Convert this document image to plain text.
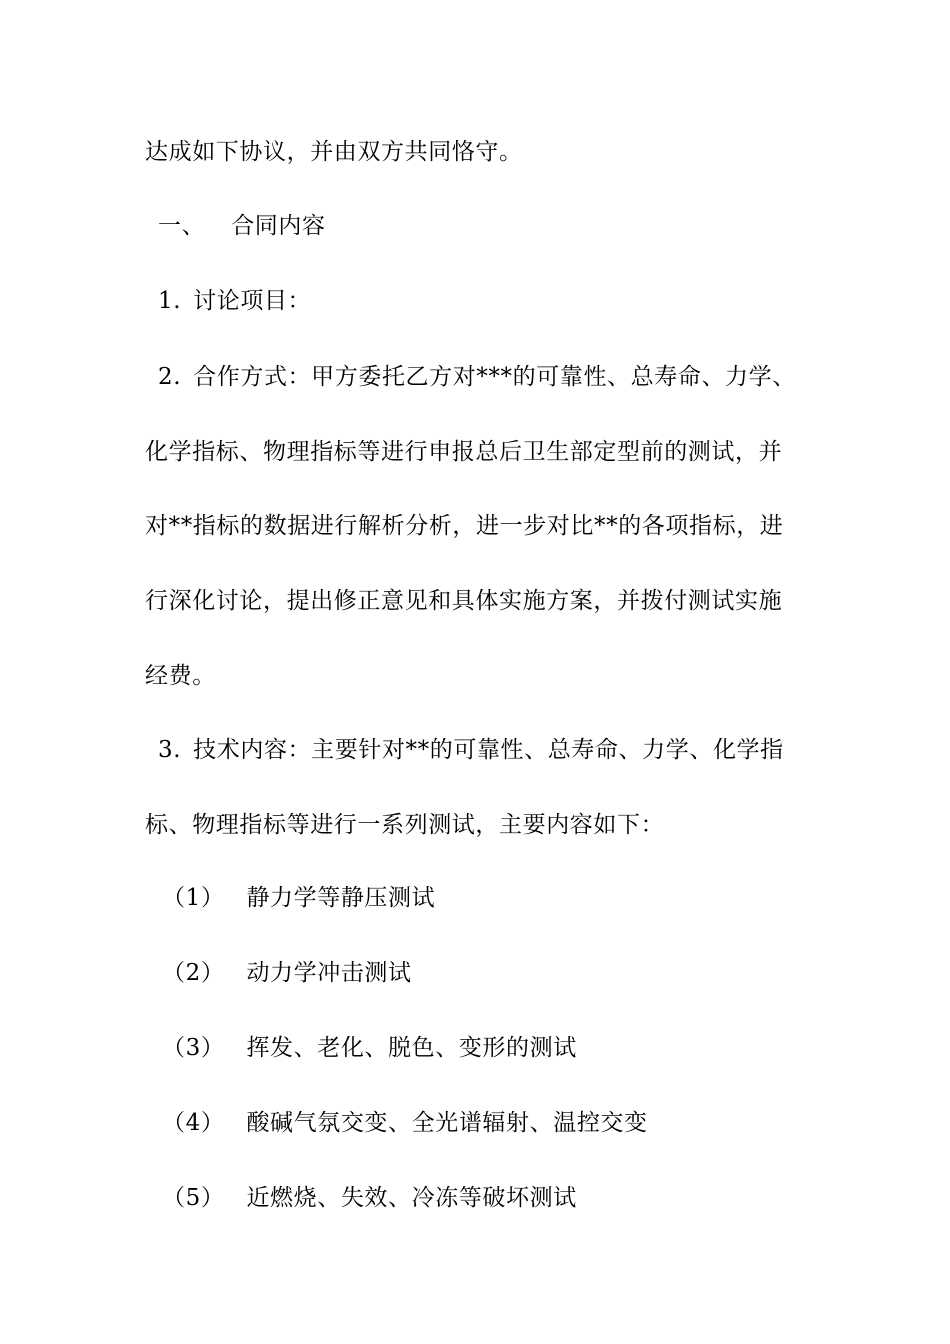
达成如下协议，并由双方共同恪守。
一、 合同内容
1. 讨论项目：
2. 合作方式：甲方委托乙方对***的可靠性、总寿命、力学、
化学指标、物理指标等进行申报总后卫生部定型前的测试，并
对**指标的数据进行解析分析，进一步对比**的各项指标，进
行深化讨论，提出修正意见和具体实施方案，并拨付测试实施
经费。
3. 技术内容：主要针对**的可靠性、总寿命、力学、化学指
标、物理指标等进行一系列测试，主要内容如下：
（1） 静力学等静压测试
（2） 动力学冲击测试
（3） 挥发、老化、脱色、变形的测试
（4） 酸碱气氛交变、全光谱辐射、温控交变
（5） 近燃烧、失效、冷冻等破坏测试
